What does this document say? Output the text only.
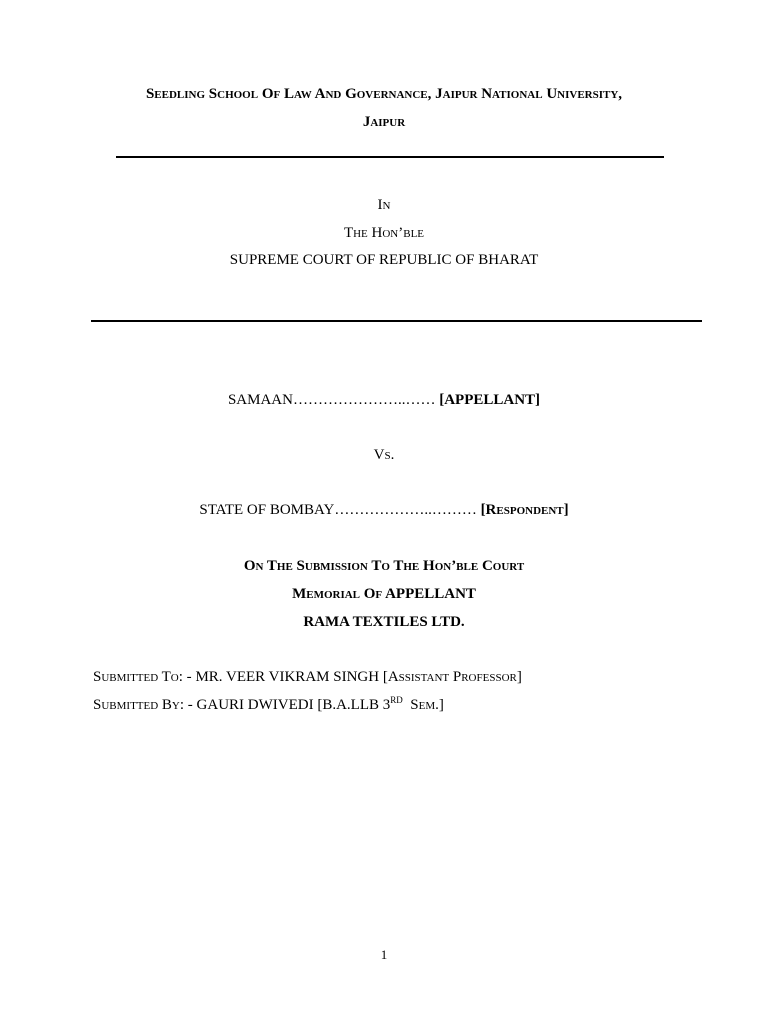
Seedling School Of Law And Governance, Jaipur National University,
Jaipur
In
The Hon’ble
SUPREME COURT OF REPUBLIC OF BHARAT
SAMAAN…………………..…… [APPELLANT]
Vs.
STATE OF BOMBAY………………..……… [Respondent]
On The Submission To The Hon’ble Court
Memorial Of APPELLANT
RAMA TEXTILES LTD.
Submitted To: - MR. VEER VIKRAM SINGH [Assistant Professor]
Submitted By: - GAURI DWIVEDI [B.A.LLB 3RD  Sem.]
1
